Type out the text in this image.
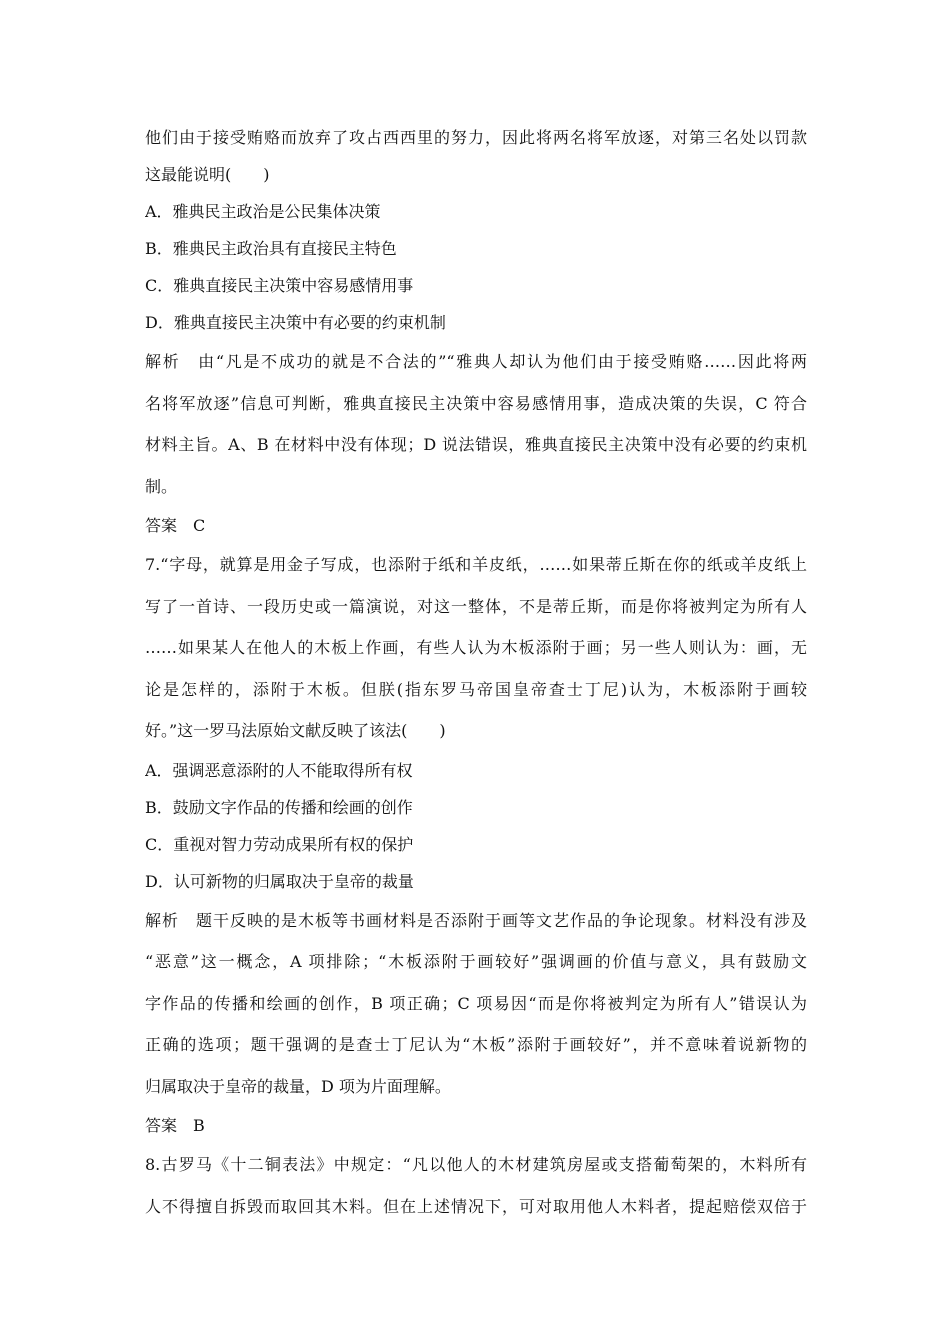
他们由于接受贿赂而放弃了攻占西西里的努力，因此将两名将军放逐，对第三名处以罚款
这最能说明(　　)
A．雅典民主政治是公民集体决策
B．雅典民主政治具有直接民主特色
C．雅典直接民主决策中容易感情用事
D．雅典直接民主决策中有必要的约束机制
解析　由“凡是不成功的就是不合法的”“雅典人却认为他们由于接受贿赂……因此将两
名将军放逐”信息可判断，雅典直接民主决策中容易感情用事，造成决策的失误，C 符合
材料主旨。A、B 在材料中没有体现；D 说法错误，雅典直接民主决策中没有必要的约束机
制。
答案　C
7.“字母，就算是用金子写成，也添附于纸和羊皮纸，……如果蒂丘斯在你的纸或羊皮纸上
写了一首诗、一段历史或一篇演说，对这一整体，不是蒂丘斯，而是你将被判定为所有人
……如果某人在他人的木板上作画，有些人认为木板添附于画；另一些人则认为：画，无
论是怎样的，添附于木板。但朕(指东罗马帝国皇帝查士丁尼)认为，木板添附于画较
好。”这一罗马法原始文献反映了该法(　　)
A．强调恶意添附的人不能取得所有权
B．鼓励文字作品的传播和绘画的创作
C．重视对智力劳动成果所有权的保护
D．认可新物的归属取决于皇帝的裁量
解析　题干反映的是木板等书画材料是否添附于画等文艺作品的争论现象。材料没有涉及
“恶意”这一概念，A 项排除；“木板添附于画较好”强调画的价值与意义，具有鼓励文
字作品的传播和绘画的创作，B 项正确；C 项易因“而是你将被判定为所有人”错误认为
正确的选项；题干强调的是查士丁尼认为“木板”添附于画较好”，并不意味着说新物的
归属取决于皇帝的裁量，D 项为片面理解。
答案　B
8.古罗马《十二铜表法》中规定：“凡以他人的木材建筑房屋或支搭葡萄架的，木料所有
人不得擅自拆毁而取回其木料。但在上述情况下，可对取用他人木料者，提起赔偿双倍于
